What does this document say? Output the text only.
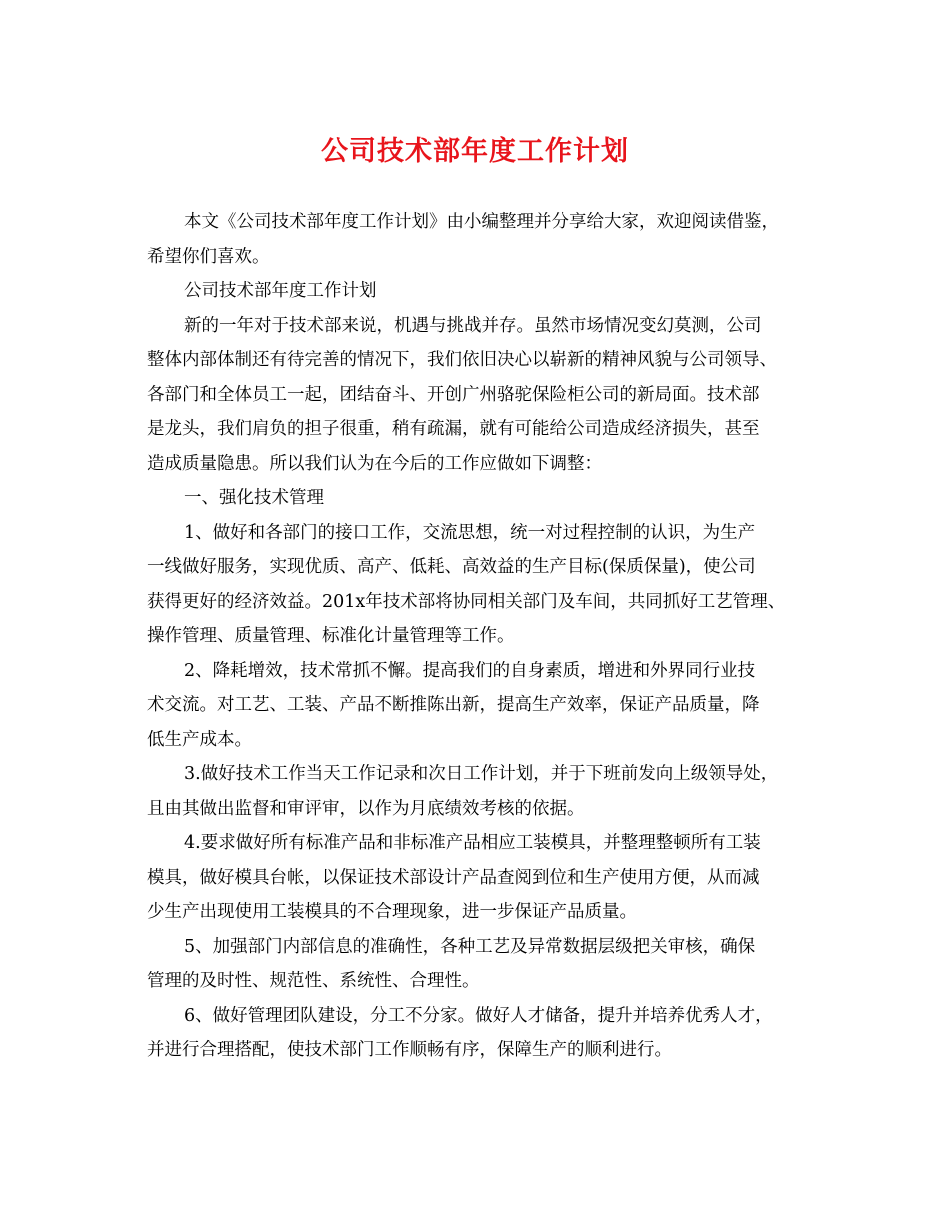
公司技术部年度工作计划
本文《公司技术部年度工作计划》由小编整理并分享给大家，欢迎阅读借鉴，
希望你们喜欢。
公司技术部年度工作计划
新的一年对于技术部来说，机遇与挑战并存。虽然市场情况变幻莫测，公司
整体内部体制还有待完善的情况下，我们依旧决心以崭新的精神风貌与公司领导、
各部门和全体员工一起，团结奋斗、开创广州骆驼保险柜公司的新局面。技术部
是龙头，我们肩负的担子很重，稍有疏漏，就有可能给公司造成经济损失，甚至
造成质量隐患。所以我们认为在今后的工作应做如下调整：
一、强化技术管理
1、做好和各部门的接口工作，交流思想，统一对过程控制的认识，为生产
一线做好服务，实现优质、高产、低耗、高效益的生产目标(保质保量)，使公司
获得更好的经济效益。201x年技术部将协同相关部门及车间，共同抓好工艺管理、
操作管理、质量管理、标准化计量管理等工作。
2、降耗增效，技术常抓不懈。提高我们的自身素质，增进和外界同行业技
术交流。对工艺、工装、产品不断推陈出新，提高生产效率，保证产品质量，降
低生产成本。
3.做好技术工作当天工作记录和次日工作计划，并于下班前发向上级领导处，
且由其做出监督和审评审，以作为月底绩效考核的依据。
4.要求做好所有标准产品和非标准产品相应工装模具，并整理整顿所有工装
模具，做好模具台帐，以保证技术部设计产品查阅到位和生产使用方便，从而减
少生产出现使用工装模具的不合理现象，进一步保证产品质量。
5、加强部门内部信息的准确性，各种工艺及异常数据层级把关审核，确保
管理的及时性、规范性、系统性、合理性。
6、做好管理团队建设，分工不分家。做好人才储备，提升并培养优秀人才，
并进行合理搭配，使技术部门工作顺畅有序，保障生产的顺利进行。
